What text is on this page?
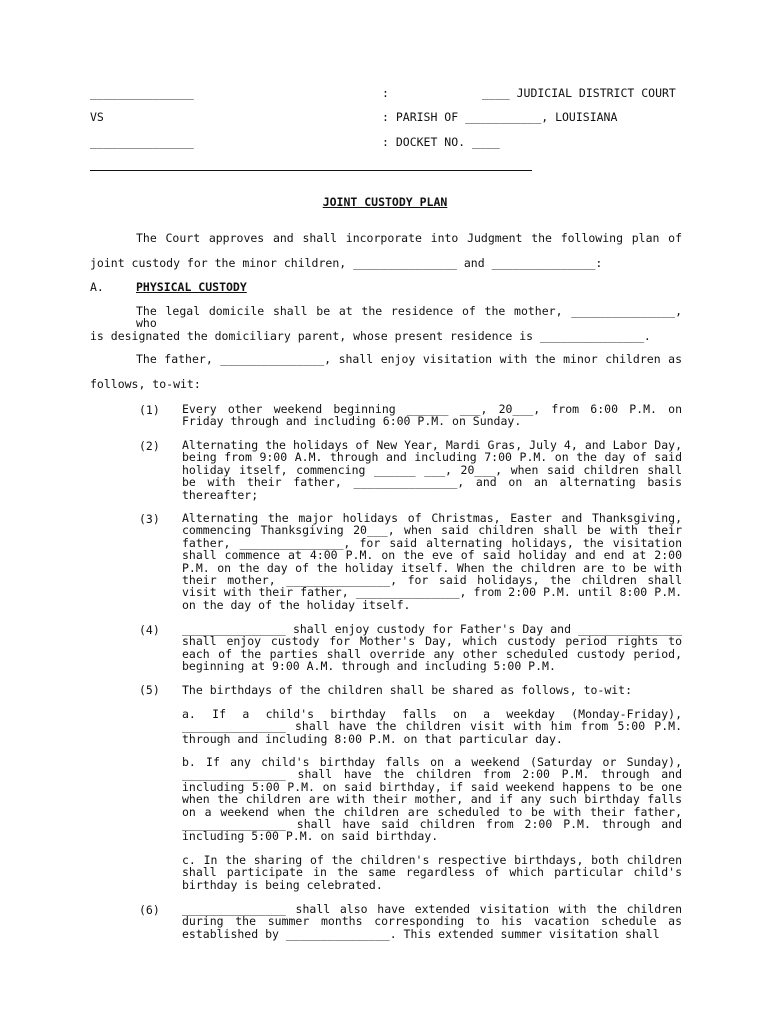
_______________	:	____ JUDICIAL DISTRICT COURT
VS	: PARISH OF ___________, LOUISIANA
_______________	: DOCKET NO. ____
JOINT CUSTODY PLAN
The Court approves and shall incorporate into Judgment the following plan of
joint custody for the minor children, _______________ and _______________:
A.	PHYSICAL CUSTODY
The legal domicile shall be at the residence of the mother, _______________, who
is designated the domiciliary parent, whose present residence is _______________.
The father, _______________, shall enjoy visitation with the minor children as
follows, to-wit:
(1) Every other weekend beginning ______ ___, 20___, from 6:00 P.M. on Friday through and including 6:00 P.M. on Sunday.
(2) Alternating the holidays of New Year, Mardi Gras, July 4, and Labor Day, being from 9:00 A.M. through and including 7:00 P.M. on the day of said holiday itself, commencing ______ ___, 20___, when said children shall be with their father, _______________, and on an alternating basis thereafter;
(3) Alternating the major holidays of Christmas, Easter and Thanksgiving, commencing Thanksgiving 20___, when said children shall be with their father, _______________, for said alternating holidays, the visitation shall commence at 4:00 P.M. on the eve of said holiday and end at 2:00 P.M. on the day of the holiday itself. When the children are to be with their mother, _______________, for said holidays, the children shall visit with their father, _______________, from 2:00 P.M. until 8:00 P.M. on the day of the holiday itself.
(4) _______________ shall enjoy custody for Father's Day and _______________ shall enjoy custody for Mother's Day, which custody period rights to each of the parties shall override any other scheduled custody period, beginning at 9:00 A.M. through and including 5:00 P.M.
(5) The birthdays of the children shall be shared as follows, to-wit:
a. If a child's birthday falls on a weekday (Monday-Friday), _______________ shall have the children visit with him from 5:00 P.M. through and including 8:00 P.M. on that particular day.
b. If any child's birthday falls on a weekend (Saturday or Sunday), _______________ shall have the children from 2:00 P.M. through and including 5:00 P.M. on said birthday, if said weekend happens to be one when the children are with their mother, and if any such birthday falls on a weekend when the children are scheduled to be with their father, _______________ shall have said children from 2:00 P.M. through and including 5:00 P.M. on said birthday.
c. In the sharing of the children's respective birthdays, both children shall participate in the same regardless of which particular child's birthday is being celebrated.
(6) _______________ shall also have extended visitation with the children during the summer months corresponding to his vacation schedule as established by _______________. This extended summer visitation shall
